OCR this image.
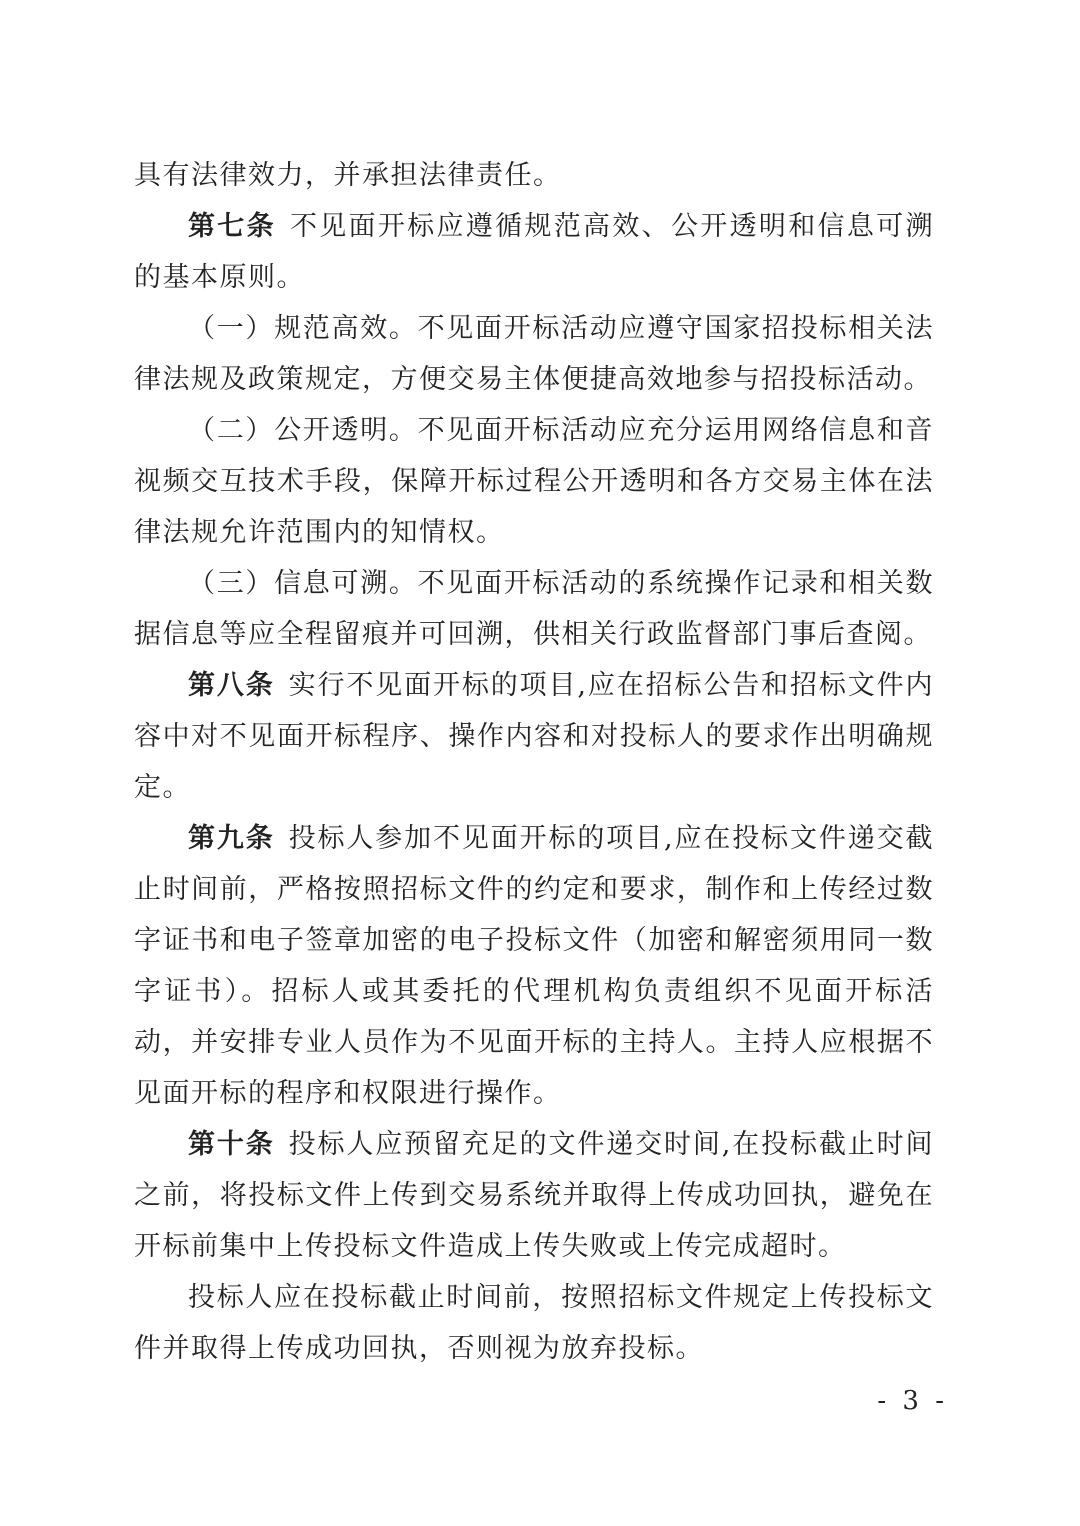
具有法律效力，并承担法律责任。

第七条 不见面开标应遵循规范高效、公开透明和信息可溯的基本原则。

（一）规范高效。不见面开标活动应遵守国家招投标相关法律法规及政策规定，方便交易主体便捷高效地参与招投标活动。

（二）公开透明。不见面开标活动应充分运用网络信息和音视频交互技术手段，保障开标过程公开透明和各方交易主体在法律法规允许范围内的知情权。

（三）信息可溯。不见面开标活动的系统操作记录和相关数据信息等应全程留痕并可回溯，供相关行政监督部门事后查阅。

第八条 实行不见面开标的项目,应在招标公告和招标文件内容中对不见面开标程序、操作内容和对投标人的要求作出明确规定。

第九条 投标人参加不见面开标的项目,应在投标文件递交截止时间前，严格按照招标文件的约定和要求，制作和上传经过数字证书和电子签章加密的电子投标文件（加密和解密须用同一数字证书）。招标人或其委托的代理机构负责组织不见面开标活动，并安排专业人员作为不见面开标的主持人。主持人应根据不见面开标的程序和权限进行操作。

第十条 投标人应预留充足的文件递交时间,在投标截止时间之前，将投标文件上传到交易系统并取得上传成功回执，避免在开标前集中上传投标文件造成上传失败或上传完成超时。

投标人应在投标截止时间前，按照招标文件规定上传投标文件并取得上传成功回执，否则视为放弃投标。

- 3 -
